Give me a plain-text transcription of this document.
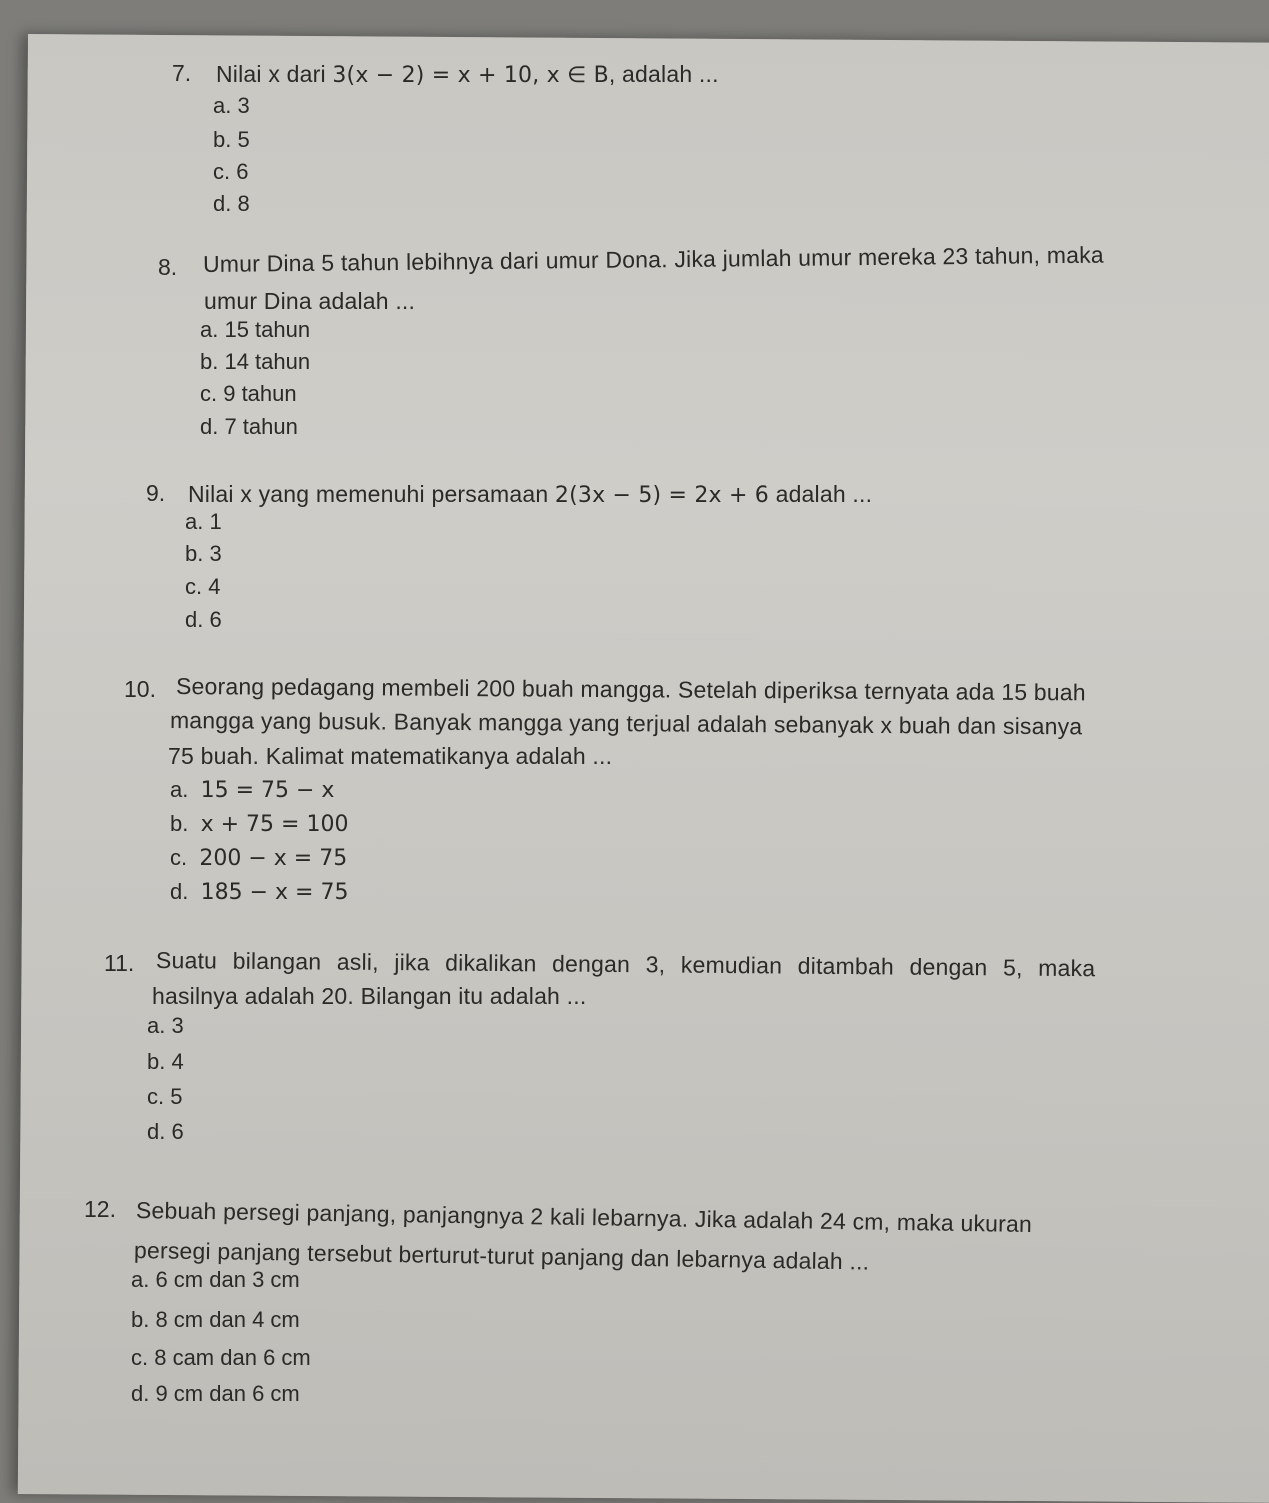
7. Nilai x dari 3(x − 2) = x + 10, x ∈ B, adalah ...
a. 3
b. 5
c. 6
d. 8
8. Umur Dina 5 tahun lebihnya dari umur Dona. Jika jumlah umur mereka 23 tahun, maka
umur Dina adalah ...
a. 15 tahun
b. 14 tahun
c. 9 tahun
d. 7 tahun
9. Nilai x yang memenuhi persamaan 2(3x − 5) = 2x + 6 adalah ...
a. 1
b. 3
c. 4
d. 6
10. Seorang pedagang membeli 200 buah mangga. Setelah diperiksa ternyata ada 15 buah
mangga yang busuk. Banyak mangga yang terjual adalah sebanyak x buah dan sisanya
75 buah. Kalimat matematikanya adalah ...
a. 15 = 75 − x
b. x + 75 = 100
c. 200 − x = 75
d. 185 − x = 75
11. Suatu bilangan asli, jika dikalikan dengan 3, kemudian ditambah dengan 5, maka
hasilnya adalah 20. Bilangan itu adalah ...
a. 3
b. 4
c. 5
d. 6
12. Sebuah persegi panjang, panjangnya 2 kali lebarnya. Jika adalah 24 cm, maka ukuran
persegi panjang tersebut berturut-turut panjang dan lebarnya adalah ...
a. 6 cm dan 3 cm
b. 8 cm dan 4 cm
c. 8 cam dan 6 cm
d. 9 cm dan 6 cm
